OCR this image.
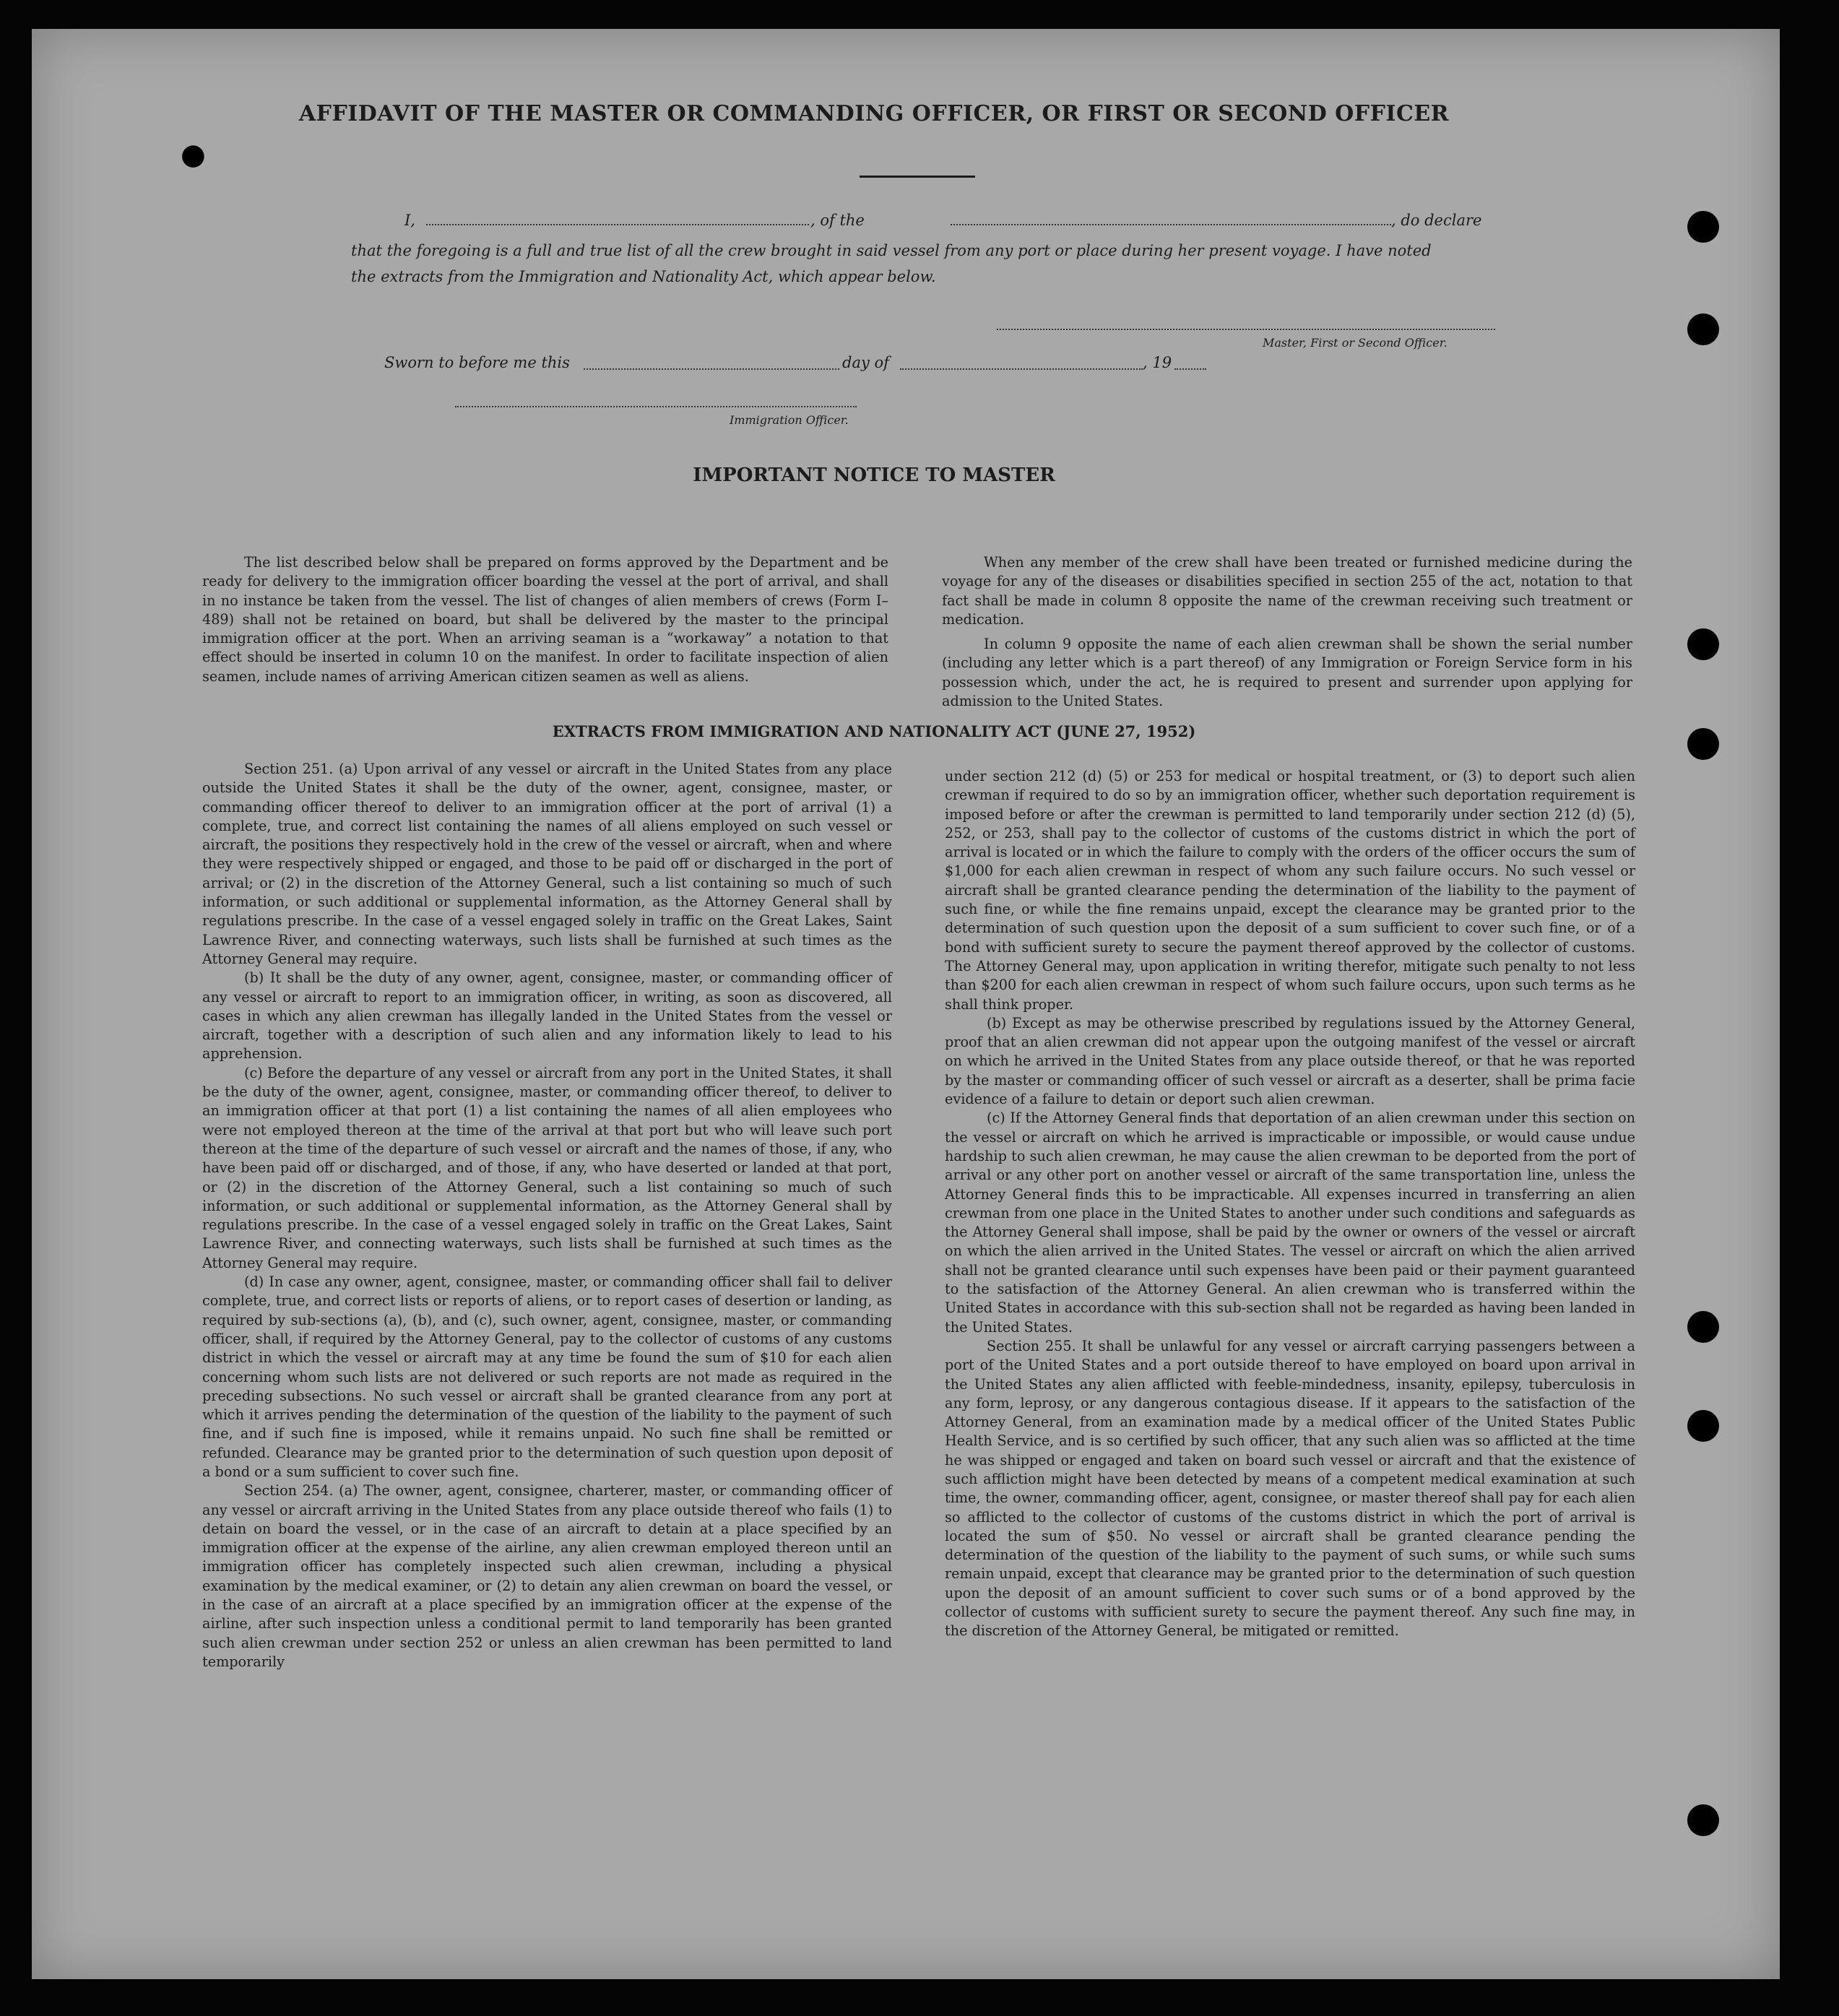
●
AFFIDAVIT OF THE MASTER OR COMMANDING OFFICER, OR FIRST OR SECOND OFFICER
I,	, of the	, do declare
that the foregoing is a full and true list of all the crew brought in said vessel from any port or place during her present voyage. I have noted
the extracts from the Immigration and Nationality Act, which appear below.
Master, First or Second Officer.
Sworn to before me this	day of	, 19
Immigration Officer.
IMPORTANT NOTICE TO MASTER

The list described below shall be prepared on forms approved by the Department and be ready for delivery to the immigration officer boarding the vessel at the port of arrival, and shall in no instance be taken from the vessel. The list of changes of alien members of crews (Form I–489) shall not be retained on board, but shall be delivered by the master to the principal immigration officer at the port. When an arriving seaman is a “workaway” a notation to that effect should be inserted in column 10 on the manifest. In order to facilitate inspection of alien seamen, include names of arriving American citizen seamen as well as aliens.

When any member of the crew shall have been treated or furnished medicine during the voyage for any of the diseases or disabilities specified in section 255 of the act, notation to that fact shall be made in column 8 opposite the name of the crewman receiving such treatment or medication.

In column 9 opposite the name of each alien crewman shall be shown the serial number (including any letter which is a part thereof) of any Immigration or Foreign Service form in his possession which, under the act, he is required to present and surrender upon applying for admission to the United States.

EXTRACTS FROM IMMIGRATION AND NATIONALITY ACT (JUNE 27, 1952)

Section 251. (a) Upon arrival of any vessel or aircraft in the United States from any place outside the United States it shall be the duty of the owner, agent, consignee, master, or commanding officer thereof to deliver to an immigration officer at the port of arrival (1) a complete, true, and correct list containing the names of all aliens employed on such vessel or aircraft, the positions they respectively hold in the crew of the vessel or aircraft, when and where they were respectively shipped or engaged, and those to be paid off or discharged in the port of arrival; or (2) in the discretion of the Attorney General, such a list containing so much of such information, or such additional or supplemental information, as the Attorney General shall by regulations prescribe. In the case of a vessel engaged solely in traffic on the Great Lakes, Saint Lawrence River, and connecting waterways, such lists shall be furnished at such times as the Attorney General may require.

(b) It shall be the duty of any owner, agent, consignee, master, or commanding officer of any vessel or aircraft to report to an immigration officer, in writing, as soon as discovered, all cases in which any alien crewman has illegally landed in the United States from the vessel or aircraft, together with a description of such alien and any information likely to lead to his apprehension.

(c) Before the departure of any vessel or aircraft from any port in the United States, it shall be the duty of the owner, agent, consignee, master, or commanding officer thereof, to deliver to an immigration officer at that port (1) a list containing the names of all alien employees who were not employed thereon at the time of the arrival at that port but who will leave such port thereon at the time of the departure of such vessel or aircraft and the names of those, if any, who have been paid off or discharged, and of those, if any, who have deserted or landed at that port, or (2) in the discretion of the Attorney General, such a list containing so much of such information, or such additional or supplemental information, as the Attorney General shall by regulations prescribe. In the case of a vessel engaged solely in traffic on the Great Lakes, Saint Lawrence River, and connecting waterways, such lists shall be furnished at such times as the Attorney General may require.

(d) In case any owner, agent, consignee, master, or commanding officer shall fail to deliver complete, true, and correct lists or reports of aliens, or to report cases of desertion or landing, as required by sub-sections (a), (b), and (c), such owner, agent, consignee, master, or commanding officer, shall, if required by the Attorney General, pay to the collector of customs of any customs district in which the vessel or aircraft may at any time be found the sum of $10 for each alien concerning whom such lists are not delivered or such reports are not made as required in the preceding subsections. No such vessel or aircraft shall be granted clearance from any port at which it arrives pending the determination of the question of the liability to the payment of such fine, and if such fine is imposed, while it remains unpaid. No such fine shall be remitted or refunded. Clearance may be granted prior to the determination of such question upon deposit of a bond or a sum sufficient to cover such fine.

Section 254. (a) The owner, agent, consignee, charterer, master, or commanding officer of any vessel or aircraft arriving in the United States from any place outside thereof who fails (1) to detain on board the vessel, or in the case of an aircraft to detain at a place specified by an immigration officer at the expense of the airline, any alien crewman employed thereon until an immigration officer has completely inspected such alien crewman, including a physical examination by the medical examiner, or (2) to detain any alien crewman on board the vessel, or in the case of an aircraft at a place specified by an immigration officer at the expense of the airline, after such inspection unless a conditional permit to land temporarily has been granted such alien crewman under section 252 or unless an alien crewman has been permitted to land temporarily

under section 212 (d) (5) or 253 for medical or hospital treatment, or (3) to deport such alien crewman if required to do so by an immigration officer, whether such deportation requirement is imposed before or after the crewman is permitted to land temporarily under section 212 (d) (5), 252, or 253, shall pay to the collector of customs of the customs district in which the port of arrival is located or in which the failure to comply with the orders of the officer occurs the sum of $1,000 for each alien crewman in respect of whom any such failure occurs. No such vessel or aircraft shall be granted clearance pending the determination of the liability to the payment of such fine, or while the fine remains unpaid, except the clearance may be granted prior to the determination of such question upon the deposit of a sum sufficient to cover such fine, or of a bond with sufficient surety to secure the payment thereof approved by the collector of customs. The Attorney General may, upon application in writing therefor, mitigate such penalty to not less than $200 for each alien crewman in respect of whom such failure occurs, upon such terms as he shall think proper.

(b) Except as may be otherwise prescribed by regulations issued by the Attorney General, proof that an alien crewman did not appear upon the outgoing manifest of the vessel or aircraft on which he arrived in the United States from any place outside thereof, or that he was reported by the master or commanding officer of such vessel or aircraft as a deserter, shall be prima facie evidence of a failure to detain or deport such alien crewman.

(c) If the Attorney General finds that deportation of an alien crewman under this section on the vessel or aircraft on which he arrived is impracticable or impossible, or would cause undue hardship to such alien crewman, he may cause the alien crewman to be deported from the port of arrival or any other port on another vessel or aircraft of the same transportation line, unless the Attorney General finds this to be impracticable. All expenses incurred in transferring an alien crewman from one place in the United States to another under such conditions and safeguards as the Attorney General shall impose, shall be paid by the owner or owners of the vessel or aircraft on which the alien arrived in the United States. The vessel or aircraft on which the alien arrived shall not be granted clearance until such expenses have been paid or their payment guaranteed to the satisfaction of the Attorney General. An alien crewman who is transferred within the United States in accordance with this sub-section shall not be regarded as having been landed in the United States.

Section 255. It shall be unlawful for any vessel or aircraft carrying passengers between a port of the United States and a port outside thereof to have employed on board upon arrival in the United States any alien afflicted with feeble-mindedness, insanity, epilepsy, tuberculosis in any form, leprosy, or any dangerous contagious disease. If it appears to the satisfaction of the Attorney General, from an examination made by a medical officer of the United States Public Health Service, and is so certified by such officer, that any such alien was so afflicted at the time he was shipped or engaged and taken on board such vessel or aircraft and that the existence of such affliction might have been detected by means of a competent medical examination at such time, the owner, commanding officer, agent, consignee, or master thereof shall pay for each alien so afflicted to the collector of customs of the customs district in which the port of arrival is located the sum of $50. No vessel or aircraft shall be granted clearance pending the determination of the question of the liability to the payment of such sums, or while such sums remain unpaid, except that clearance may be granted prior to the determination of such question upon the deposit of an amount sufficient to cover such sums or of a bond approved by the collector of customs with sufficient surety to secure the payment thereof. Any such fine may, in the discretion of the Attorney General, be mitigated or remitted.
